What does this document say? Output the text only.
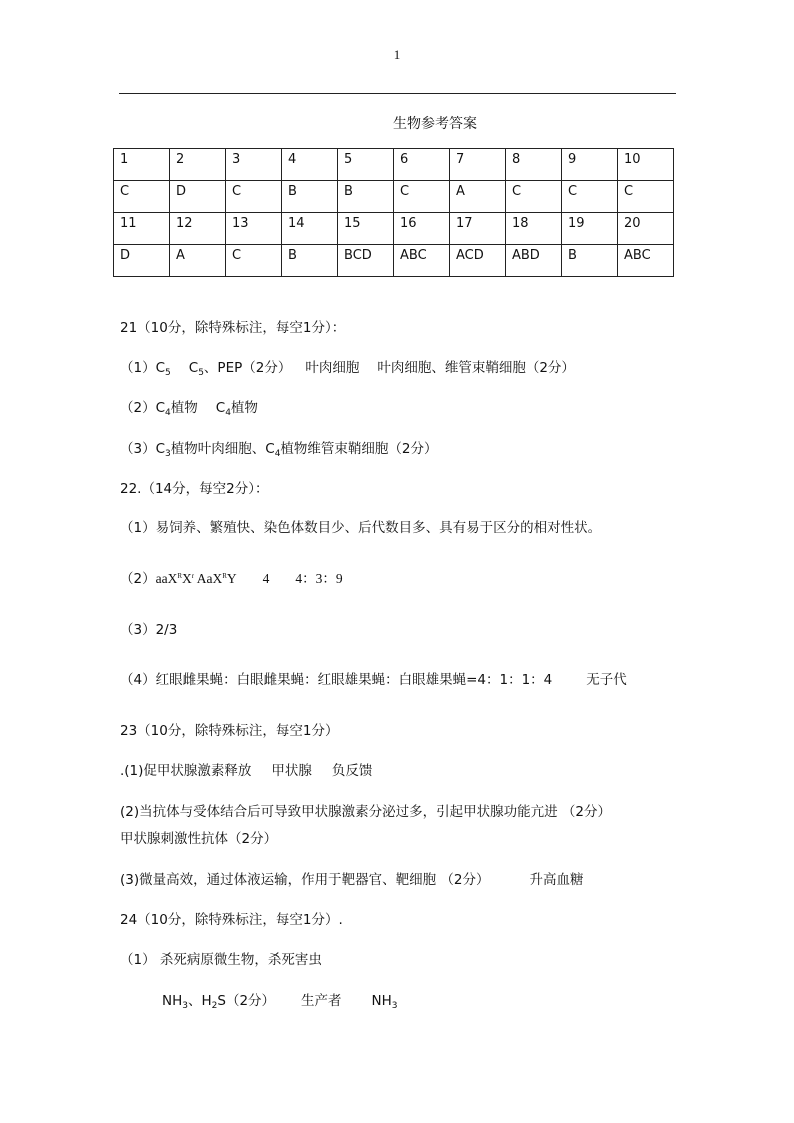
1
生物参考答案
1	2	3	4	5	6	7	8	9	10
C	D	C	B	B	C	A	C	C	C
11	12	13	14	15	16	17	18	19	20
D	A	C	B	BCD	ABC	ACD	ABD	B	ABC
21（10分，除特殊标注，每空1分）：
$(1)C_5$ $C_5$、PEP（2分） 叶肉细胞 叶肉细胞、维管束鞘细胞（2分）
$(2)C_4$植物 $C_4$植物
$(3)C_3$植物叶肉细胞、$C_4$植物维管束鞘细胞（2分）
22.（14分，每空2分）：
（1）易饲养、繁殖快、染色体数目少、后代数目多、具有易于区分的相对性状。
$(2)aaX^RX^r$ AaX$^R$Y 4 4：3：9
（3）2/3
（4）红眼雌果蝇：白眼雌果蝇：红眼雄果蝇：白眼雄果蝇=4：1：1：4	无子代
23（10分，除特殊标注，每空1分）
.(1)促甲状腺激素释放 甲状腺 负反馈
(2)当抗体与受体结合后可导致甲状腺激素分泌过多，引起甲状腺功能亢进 （2分）
甲状腺刺激性抗体（2分）
(3)微量高效，通过体液运输，作用于靶器官、靶细胞 （2分）	升高血糖
24（10分，除特殊标注，每空1分）.
（1） 杀死病原微生物，杀死害虫
$NH_3$、$H_2S(2$分） 生产者 $NH_3$
